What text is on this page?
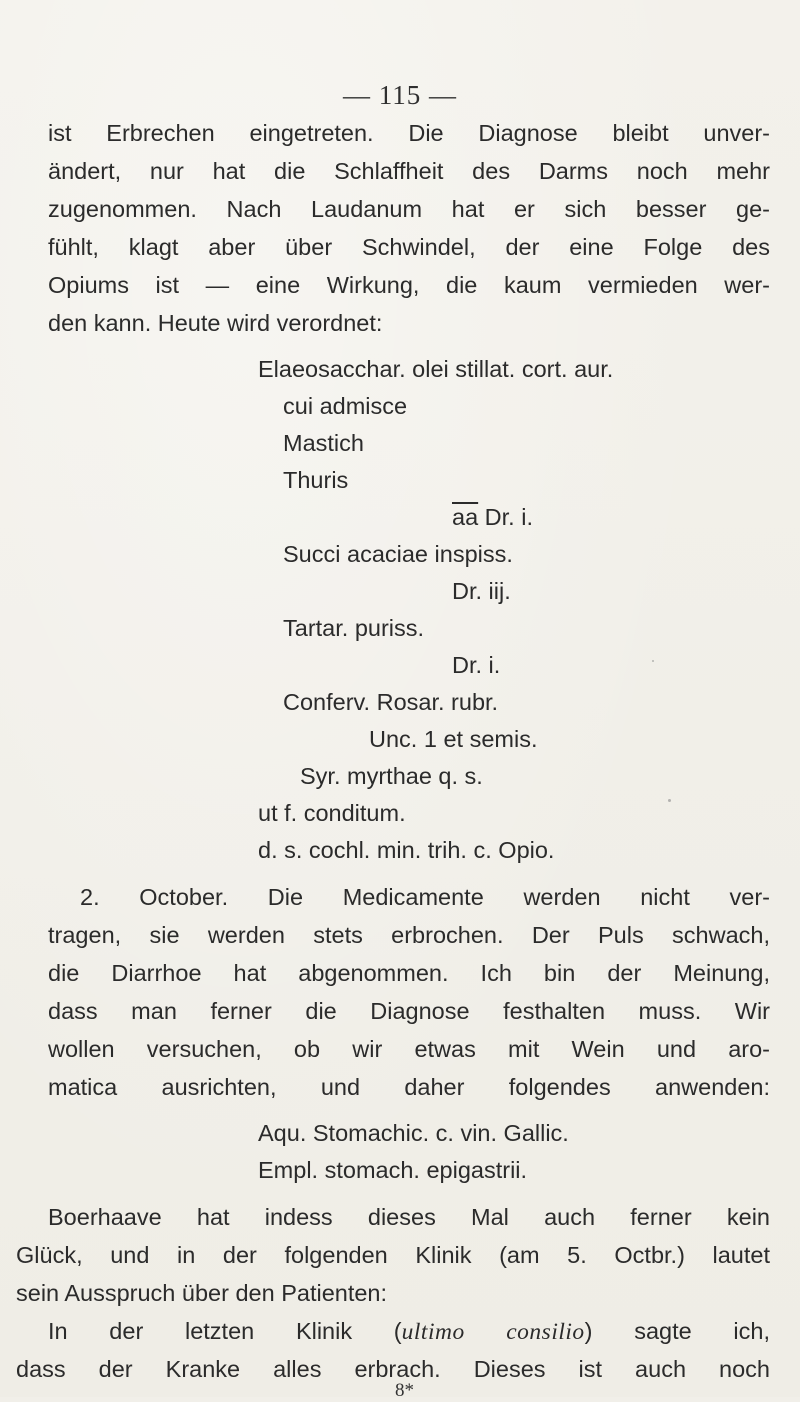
— 115 —
ist Erbrechen eingetreten. Die Diagnose bleibt unver-
ändert, nur hat die Schlaffheit des Darms noch mehr
zugenommen. Nach Laudanum hat er sich besser ge-
fühlt, klagt aber über Schwindel, der eine Folge des
Opiums ist — eine Wirkung, die kaum vermieden wer-
den kann. Heute wird verordnet:
Elaeosacchar. olei stillat. cort. aur.
cui admisce
Mastich
Thuris
$\overline{aa}$ Dr. i.
Succi acaciae inspiss.
Dr. iij.
Tartar. puriss.
Dr. i.
Conferv. Rosar. rubr.
Unc. 1 et semis.
Syr. myrthae q. s.
ut f. conditum.
d. s. cochl. min. trih. c. Opio.
2. October. Die Medicamente werden nicht ver-
tragen, sie werden stets erbrochen. Der Puls schwach,
die Diarrhoe hat abgenommen. Ich bin der Meinung,
dass man ferner die Diagnose festhalten muss. Wir
wollen versuchen, ob wir etwas mit Wein und aro-
matica ausrichten, und daher folgendes anwenden:
Aqu. Stomachic. c. vin. Gallic.
Empl. stomach. epigastrii.
Boerhaave hat indess dieses Mal auch ferner kein
Glück, und in der folgenden Klinik (am 5. Octbr.) lautet
sein Ausspruch über den Patienten:
In der letzten Klinik (ultimo consilio) sagte ich,
dass der Kranke alles erbrach. Dieses ist auch noch
8*
